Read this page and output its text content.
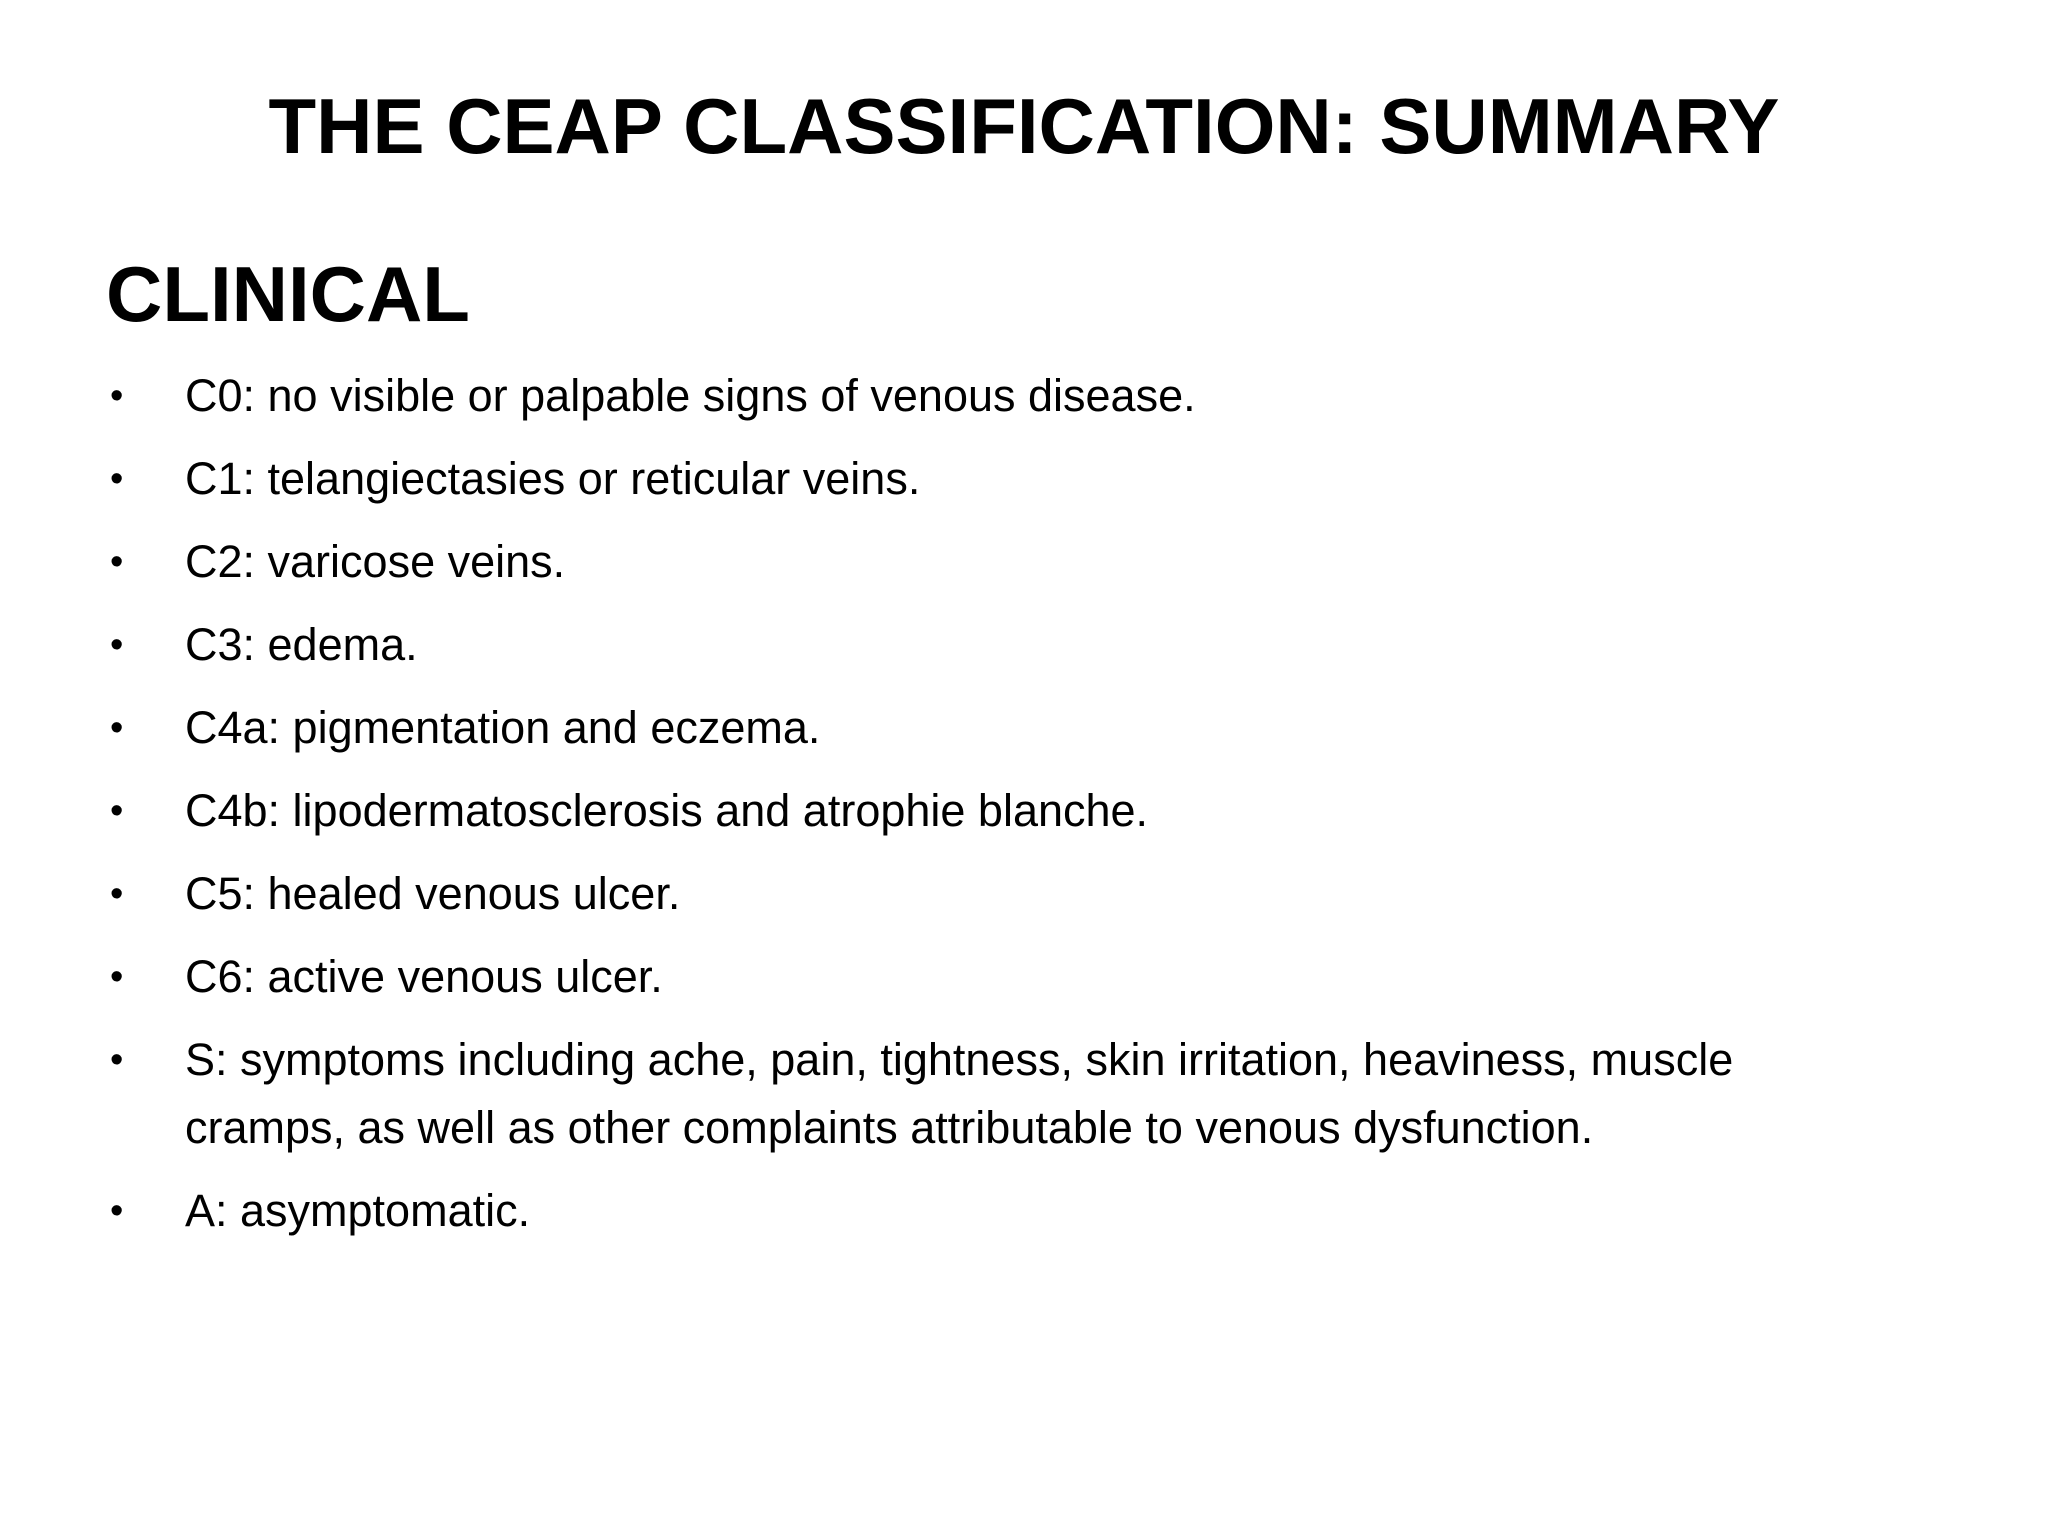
THE CEAP CLASSIFICATION: SUMMARY
CLINICAL
• C0: no visible or palpable signs of venous disease.
• C1: telangiectasies or reticular veins.
• C2: varicose veins.
• C3: edema.
• C4a: pigmentation and eczema.
• C4b: lipodermatosclerosis and atrophie blanche.
• C5: healed venous ulcer.
• C6: active venous ulcer.
• S: symptoms including ache, pain, tightness, skin irritation, heaviness, muscle cramps, as well as other complaints attributable to venous dysfunction.
• A: asymptomatic.
